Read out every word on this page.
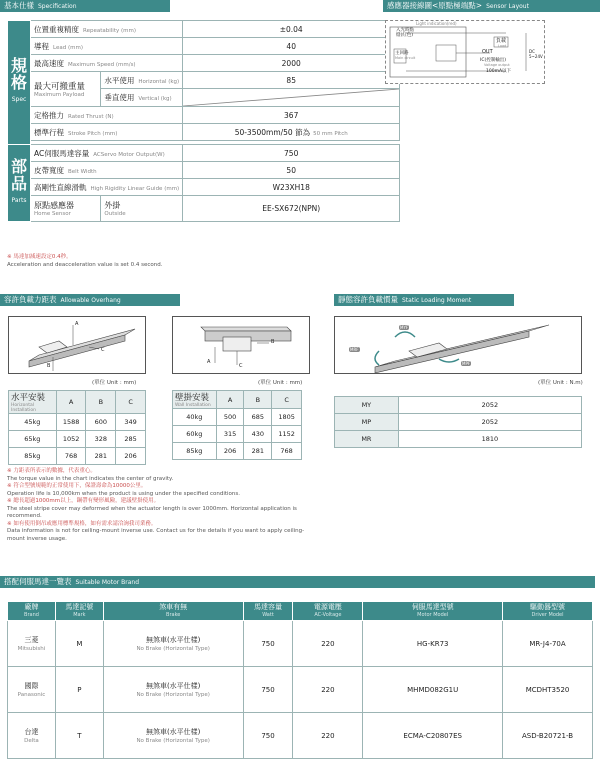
基本仕樣 Specification
規格
Spec	位置重複精度 Repeatability (mm)		±0.04
	導程 Lead (mm)		40
	最高速度 Maximum Speed (mm/s)		2000
	最大可搬重量
Maximum Payload	水平使用 Horizontal (kg)	85
		垂直使用 Vertical (kg)	

	定格推力 Rated Thrust (N)		367
	標準行程 Stroke Pitch (mm)		50-3500mm/50 節為 50 mm Pitch

部品
Parts	AC伺服馬達容量 ACServo Motor Output(W)		750
	皮帶寬度 Belt Width		50
	高剛性直線滑軌 High Rigidity Linear Guide (mm)		W23XH18
	原點感應器
Home Sensor	外掛
Outside	EE-SX672(NPN)
※ 馬達加減速設定0.4秒。
Acceleration and deacceleration value is set 0.4 second.
感應器接線圖<原點極端點> Sensor Layout
Light indication(red)
入光時點燈(紅色)
主回路
Main circuit
負載
Load
OUT
IC(控制輸出)
Voltage output
100mA以下
DC 5~24V
容許負載力距表 Allowable Overhang
A
B
C
(單位 Unit : mm)
A
B
C
(單位 Unit : mm)
水平安裝
Horizontal Installation	A	B	C
45kg	1588	600	349
65kg	1052	328	285
85kg	768	281	206
壁掛安裝
Wall Installation	A	B	C
40kg	500	685	1805
60kg	315	430	1152
85kg	206	281	768
※ 力距表所表示的數據，代表重心。
The torque value in the chart indicates the center of gravity.
※ 符合型號規範的正常使用下，保證壽命為10000公里。
Operation life is 10,000km when the product is using under the specified conditions.
※ 總長超過1000mm以上，鋼帶有變形風險，建議壁掛使用。
The steel stripe cover may deformed when the actuator length is over 1000mm. Horizontal application is recommend.
※ 如有使用倒吊或應用標準規格，如有需求請洽詢我司業務。
Data information is not for ceiling-mount inverse use. Contact us for the details if you want to apply ceiling-mount inverse usage.
靜態容許負載慣量 Static Loading Moment
MYF
MRF
MPF
(單位 Unit : N.m)
MY	2052
MP	2052
MR	1810
搭配伺服馬達一覽表 Suitable Motor Brand
廠牌
Brand	馬達記號
Mark	煞車有無
Brake	馬達容量
Watt	電源電壓
AC-Voltage	伺服馬達型號
Motor Model	驅動器型號
Driver Model

三菱
Mitsubishi	M	無煞車(水平仕樣)
No Brake (Horizontal Type)	750	220	HG-KR73	MR-J4-70A
國際
Panasonic	P	無煞車(水平仕樣)
No Brake (Horizontal Type)	750	220	MHMD082G1U	MCDHT3520
台達
Delta	T	無煞車(水平仕樣)
No Brake (Horizontal Type)	750	220	ECMA-C20807ES	ASD-B20721-B
